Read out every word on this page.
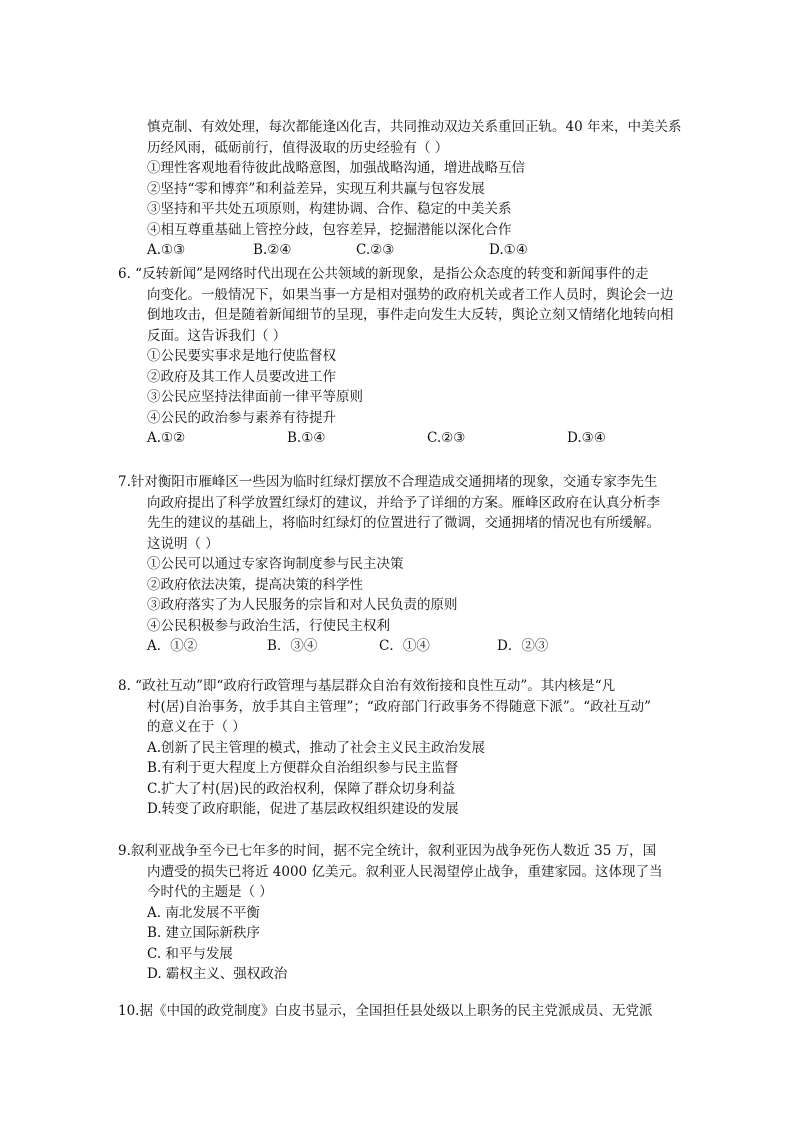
慎克制、有效处理，每次都能逢凶化吉，共同推动双边关系重回正轨。40 年来，中美关系
历经风雨，砥砺前行，值得汲取的历史经验有（ ）
①理性客观地看待彼此战略意图，加强战略沟通，增进战略互信
②坚持“零和博弈”和利益差异，实现互利共赢与包容发展
③坚持和平共处五项原则，构建协调、合作、稳定的中美关系
④相互尊重基础上管控分歧，包容差异，挖掘潜能以深化合作
A.①③	B.②④	C.②③	D.①④
6. “反转新闻”是网络时代出现在公共领域的新现象，是指公众态度的转变和新闻事件的走
向变化。一般情况下，如果当事一方是相对强势的政府机关或者工作人员时，舆论会一边
倒地攻击，但是随着新闻细节的呈现，事件走向发生大反转，舆论立刻又情绪化地转向相
反面。这告诉我们（ ）
①公民要实事求是地行使监督权
②政府及其工作人员要改进工作
③公民应坚持法律面前一律平等原则
④公民的政治参与素养有待提升
A.①②	B.①④	C.②③	D.③④
7.针对衡阳市雁峰区一些因为临时红绿灯摆放不合理造成交通拥堵的现象，交通专家李先生
向政府提出了科学放置红绿灯的建议，并给予了详细的方案。雁峰区政府在认真分析李
先生的建议的基础上，将临时红绿灯的位置进行了微调，交通拥堵的情况也有所缓解。
这说明（ ）
①公民可以通过专家咨询制度参与民主决策
②政府依法决策，提高决策的科学性
③政府落实了为人民服务的宗旨和对人民负责的原则
④公民积极参与政治生活，行使民主权利
A．①②	B．③④	C．①④	D．②③
8. “政社互动”即“政府行政管理与基层群众自治有效衔接和良性互动”。其内核是“凡
村(居)自治事务，放手其自主管理”；“政府部门行政事务不得随意下派”。“政社互动”
的意义在于（ ）
A.创新了民主管理的模式，推动了社会主义民主政治发展
B.有利于更大程度上方便群众自治组织参与民主监督
C.扩大了村(居)民的政治权利，保障了群众切身利益
D.转变了政府职能，促进了基层政权组织建设的发展
9.叙利亚战争至今已七年多的时间，据不完全统计，叙利亚因为战争死伤人数近 35 万，国
内遭受的损失已将近 4000 亿美元。叙利亚人民渴望停止战争，重建家园。这体现了当
今时代的主题是（ ）
A. 南北发展不平衡
B. 建立国际新秩序
C. 和平与发展
D. 霸权主义、强权政治
10.据《中国的政党制度》白皮书显示，全国担任县处级以上职务的民主党派成员、无党派
